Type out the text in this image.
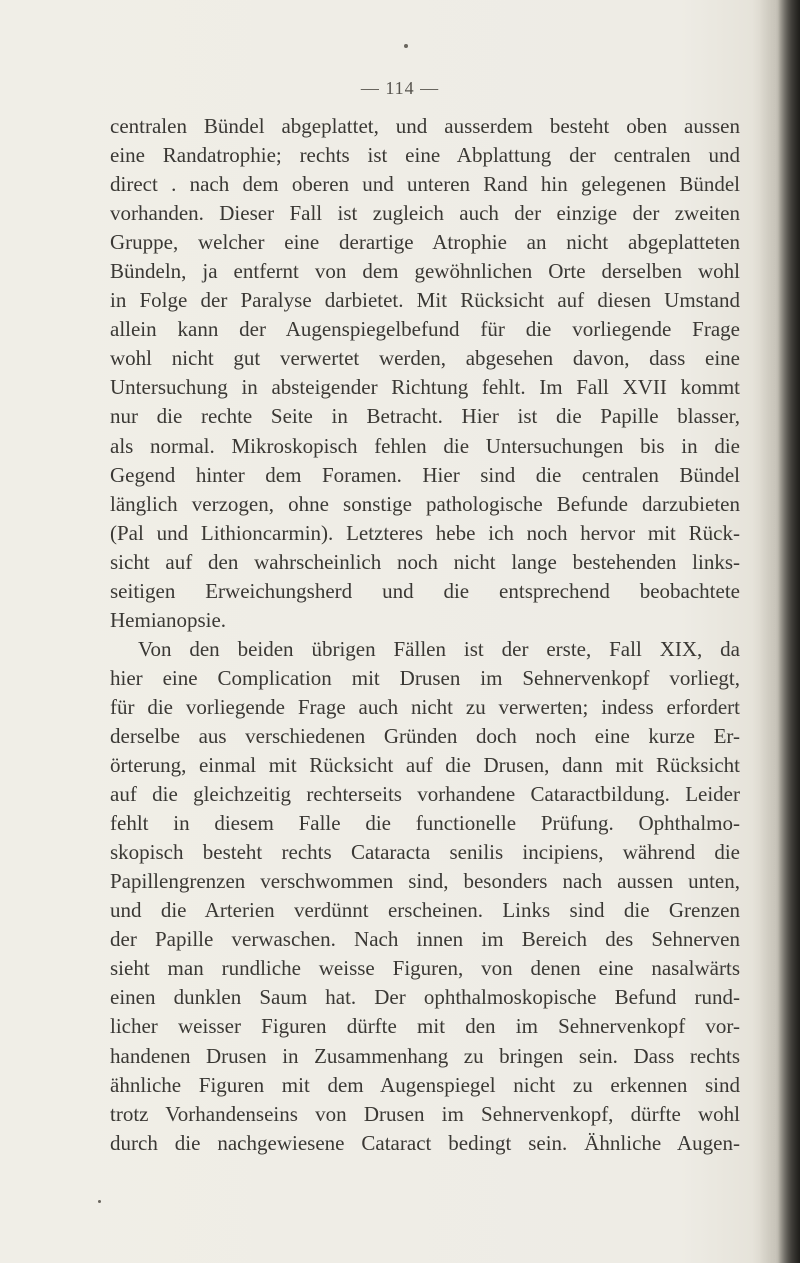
— 114 —
centralen Bündel abgeplattet, und ausserdem besteht oben aussen
eine Randatrophie; rechts ist eine Abplattung der centralen und
direct . nach dem oberen und unteren Rand hin gelegenen Bündel
vorhanden. Dieser Fall ist zugleich auch der einzige der zweiten
Gruppe, welcher eine derartige Atrophie an nicht abgeplatteten
Bündeln, ja entfernt von dem gewöhnlichen Orte derselben wohl
in Folge der Paralyse darbietet. Mit Rücksicht auf diesen Umstand
allein kann der Augenspiegelbefund für die vorliegende Frage
wohl nicht gut verwertet werden, abgesehen davon, dass eine
Untersuchung in absteigender Richtung fehlt. Im Fall XVII kommt
nur die rechte Seite in Betracht. Hier ist die Papille blasser,
als normal. Mikroskopisch fehlen die Untersuchungen bis in die
Gegend hinter dem Foramen. Hier sind die centralen Bündel
länglich verzogen, ohne sonstige pathologische Befunde darzubieten
(Pal und Lithioncarmin). Letzteres hebe ich noch hervor mit Rück-
sicht auf den wahrscheinlich noch nicht lange bestehenden links-
seitigen Erweichungsherd und die entsprechend beobachtete
Hemianopsie.
Von den beiden übrigen Fällen ist der erste, Fall XIX, da
hier eine Complication mit Drusen im Sehnervenkopf vorliegt,
für die vorliegende Frage auch nicht zu verwerten; indess erfordert
derselbe aus verschiedenen Gründen doch noch eine kurze Er-
örterung, einmal mit Rücksicht auf die Drusen, dann mit Rücksicht
auf die gleichzeitig rechterseits vorhandene Cataractbildung. Leider
fehlt in diesem Falle die functionelle Prüfung. Ophthalmo-
skopisch besteht rechts Cataracta senilis incipiens, während die
Papillengrenzen verschwommen sind, besonders nach aussen unten,
und die Arterien verdünnt erscheinen. Links sind die Grenzen
der Papille verwaschen. Nach innen im Bereich des Sehnerven
sieht man rundliche weisse Figuren, von denen eine nasalwärts
einen dunklen Saum hat. Der ophthalmoskopische Befund rund-
licher weisser Figuren dürfte mit den im Sehnervenkopf vor-
handenen Drusen in Zusammenhang zu bringen sein. Dass rechts
ähnliche Figuren mit dem Augenspiegel nicht zu erkennen sind
trotz Vorhandenseins von Drusen im Sehnervenkopf, dürfte wohl
durch die nachgewiesene Cataract bedingt sein. Ähnliche Augen-
